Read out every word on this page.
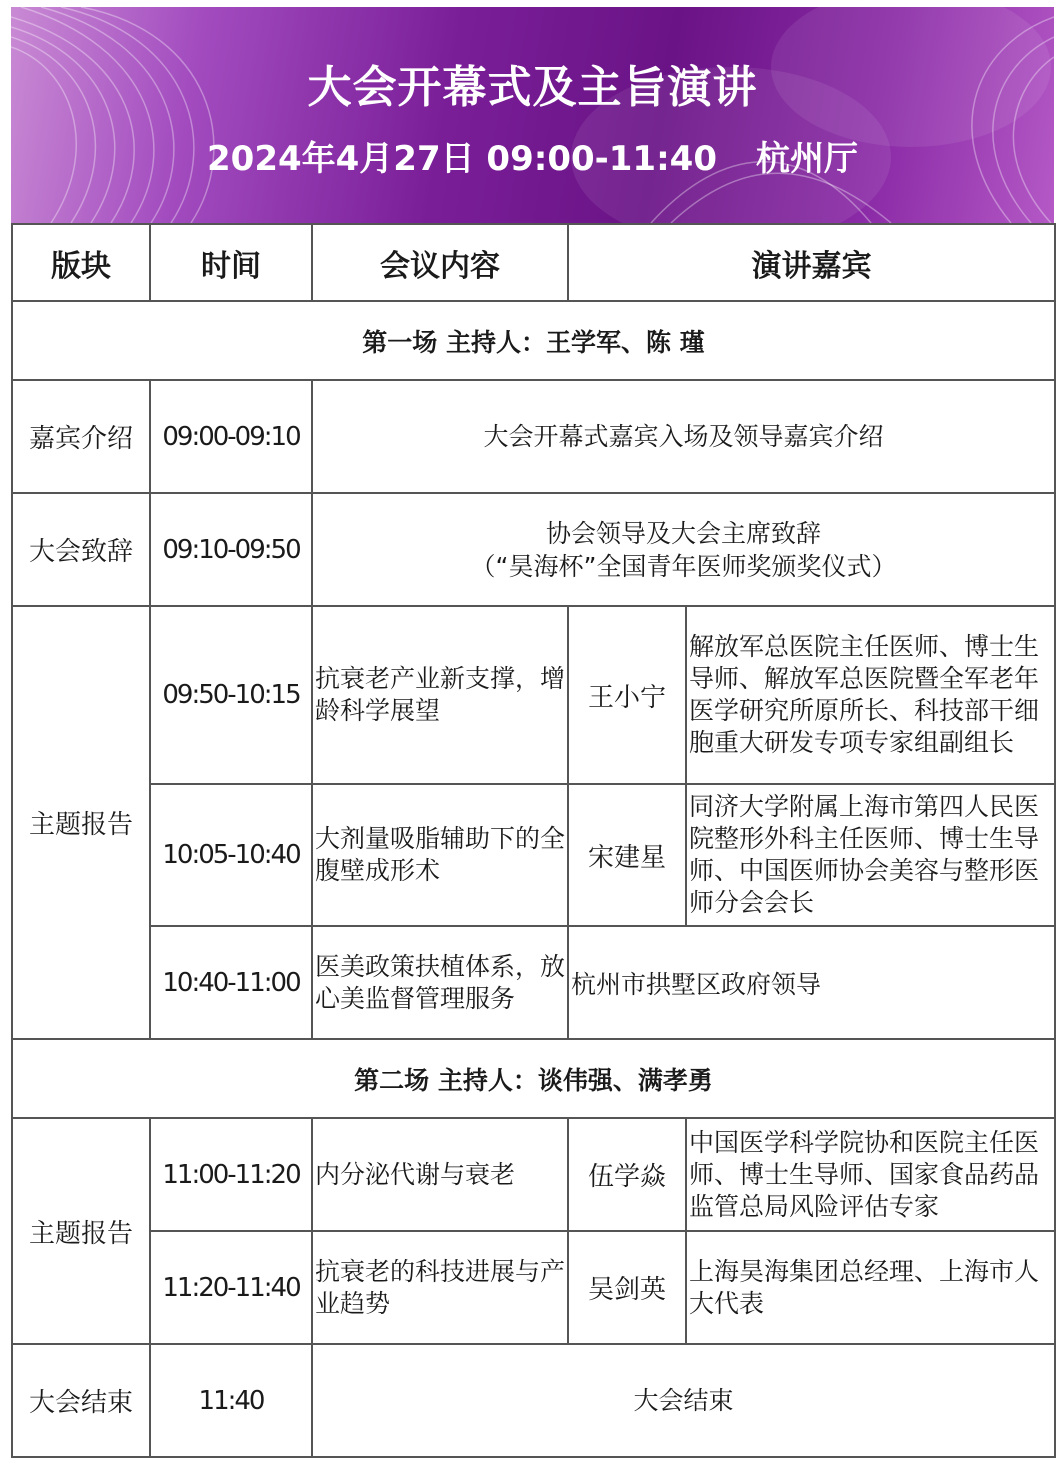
大会开幕式及主旨演讲
2024年4月27日 09:00-11:40 杭州厅
版块	时间	会议内容	演讲嘉宾	
第一场 主持人：王学军、陈 瑾				
嘉宾介绍	09:00-09:10	大会开幕式嘉宾入场及领导嘉宾介绍		
大会致辞	09:10-09:50	协会领导及大会主席致辞
（“昊海杯”全国青年医师奖颁奖仪式）		

主题报告	09:50-10:15	抗衰老产业新支撑，增龄科学展望	王小宁	解放军总医院主任医师、博士生导师、解放军总医院暨全军老年医学研究所原所长、科技部干细胞重大研发专项专家组副组长
	10:05-10:40	大剂量吸脂辅助下的全腹壁成形术	宋建星	同济大学附属上海市第四人民医院整形外科主任医师、博士生导师、中国医师协会美容与整形医师分会会长
	10:40-11:00	医美政策扶植体系，放心美监督管理服务	杭州市拱墅区政府领导	
第二场 主持人：谈伟强、满孝勇				
主题报告	11:00-11:20	内分泌代谢与衰老	伍学焱	中国医学科学院协和医院主任医师、博士生导师、国家食品药品监管总局风险评估专家
	11:20-11:40	抗衰老的科技进展与产业趋势	吴剑英	上海昊海集团总经理、上海市人大代表
大会结束	11:40	大会结束		
